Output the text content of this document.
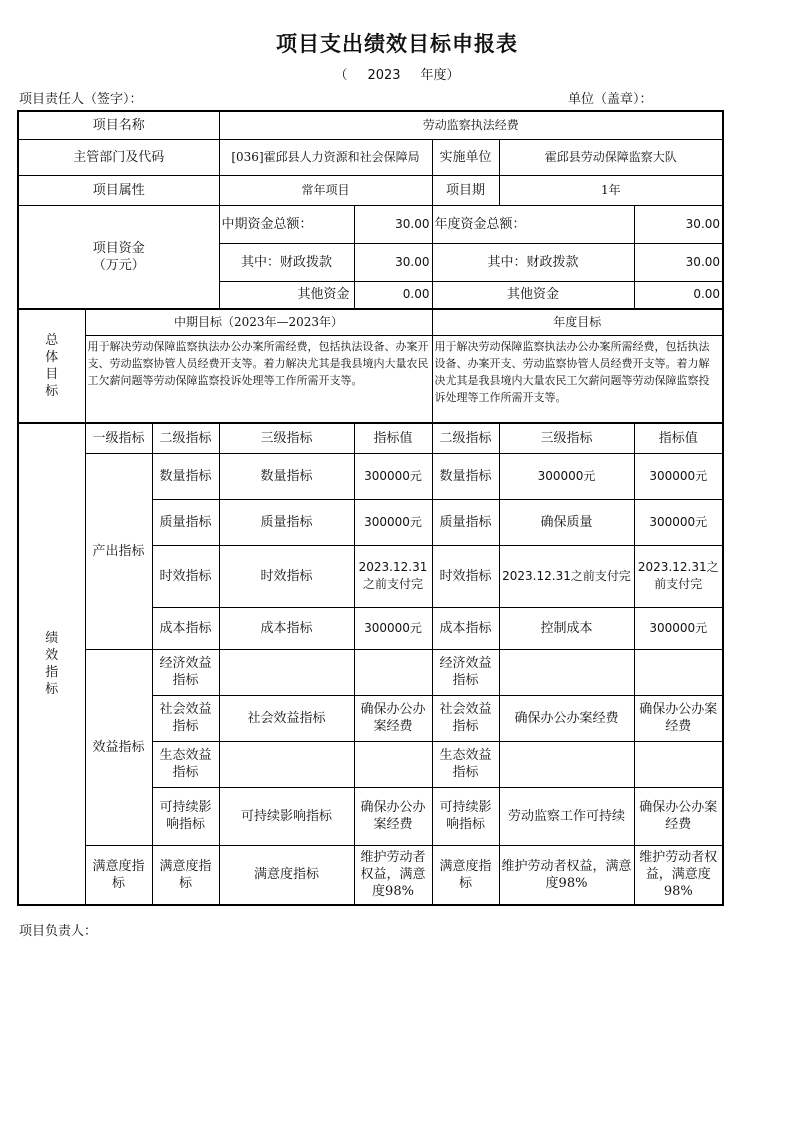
项目支出绩效目标申报表
（ 2023 年度）
项目责任人（签字）：	单位（盖章）：
项目名称			劳动监察执法经费				
主管部门及代码			[036]霍邱县人力资源和社会保障局		实施单位	霍邱县劳动保障监察大队	
项目属性			常年项目		项目期	1年	

项目资金
（万元）			中期资金总额：	30.00	年度资金总额：		30.00
			其中：财政拨款	30.00	其中：财政拨款		30.00
			其他资金	0.00	其他资金		0.00

总
体
目
标	中期目标（2023年—2023年）				年度目标		
	用于解决劳动保障监察执法办公办案所需经费，包括执法设备、办案开支、劳动监察协管人员经费开支等。着力解决尤其是我县境内大量农民工欠薪问题等劳动保障监察投诉处理等工作所需开支等。				用于解决劳动保障监察执法办公办案所需经费，包括执法设备、办案开支、劳动监察协管人员经费开支等。着力解决尤其是我县境内大量农民工欠薪问题等劳动保障监察投诉处理等工作所需开支等。		

绩
效
指
标	一级指标	二级指标	三级指标	指标值	二级指标	三级指标	指标值
	产出指标	数量指标	数量指标	300000元	数量指标	300000元	300000元
		质量指标	质量指标	300000元	质量指标	确保质量	300000元
		时效指标	时效指标	2023.12.31之前支付完	时效指标	2023.12.31之前支付完	2023.12.31之前支付完
		成本指标	成本指标	300000元	成本指标	控制成本	300000元
	效益指标	经济效益指标			经济效益指标		
		社会效益指标	社会效益指标	确保办公办案经费	社会效益指标	确保办公办案经费	确保办公办案经费
		生态效益指标			生态效益指标		
		可持续影响指标	可持续影响指标	确保办公办案经费	可持续影响指标	劳动监察工作可持续	确保办公办案经费
	满意度指标	满意度指标	满意度指标	维护劳动者权益，满意度98%	满意度指标	维护劳动者权益，满意度98%	维护劳动者权益，满意度98%
项目负责人：
